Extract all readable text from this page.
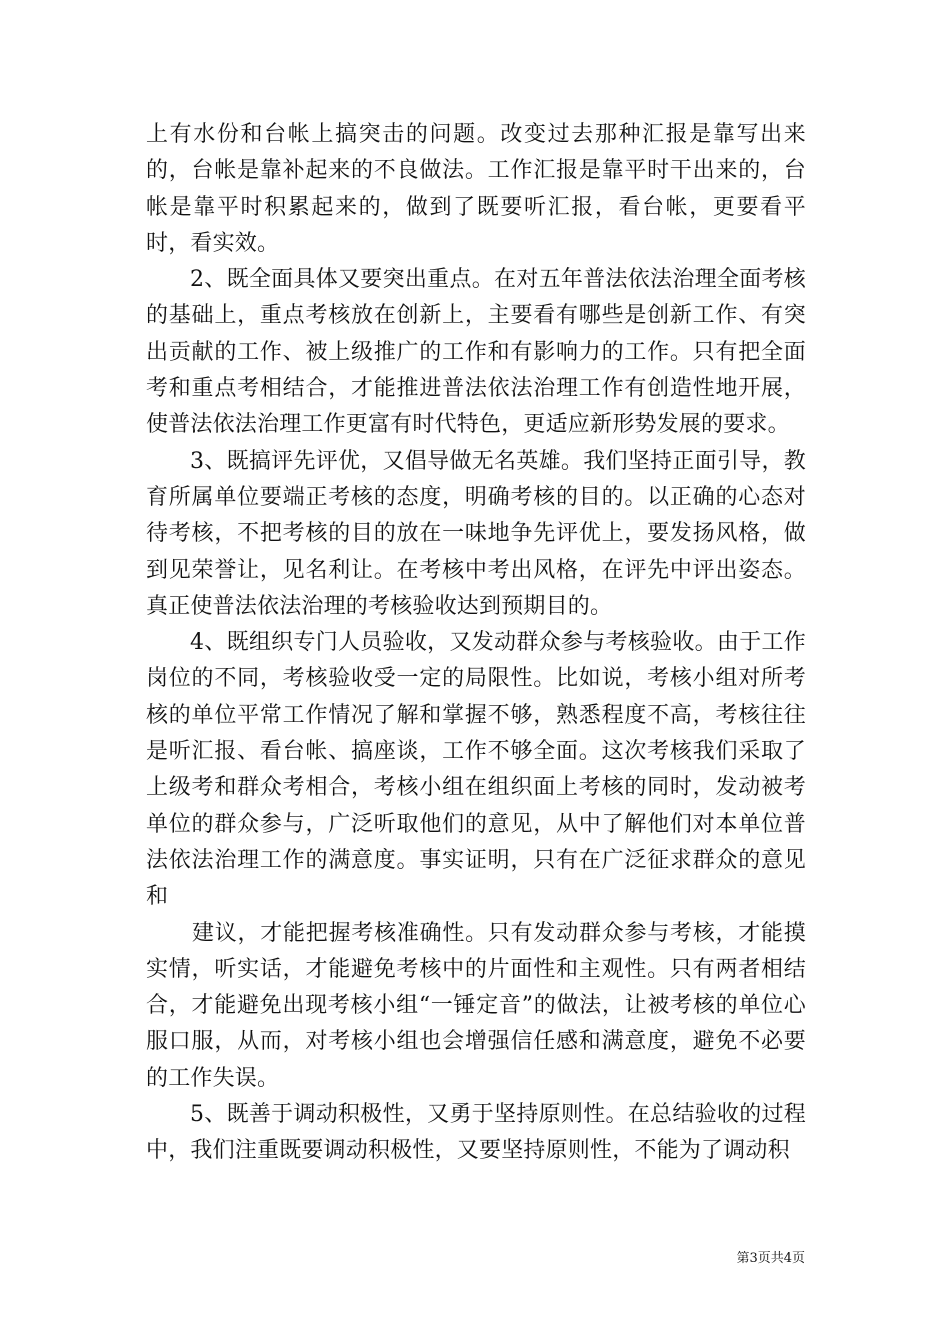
上有水份和台帐上搞突击的问题。改变过去那种汇报是靠写出来的，台帐是靠补起来的不良做法。工作汇报是靠平时干出来的，台帐是靠平时积累起来的，做到了既要听汇报，看台帐，更要看平时，看实效。

2、既全面具体又要突出重点。在对五年普法依法治理全面考核的基础上，重点考核放在创新上，主要看有哪些是创新工作、有突出贡献的工作、被上级推广的工作和有影响力的工作。只有把全面考和重点考相结合，才能推进普法依法治理工作有创造性地开展，使普法依法治理工作更富有时代特色，更适应新形势发展的要求。

3、既搞评先评优，又倡导做无名英雄。我们坚持正面引导，教育所属单位要端正考核的态度，明确考核的目的。以正确的心态对待考核，不把考核的目的放在一味地争先评优上，要发扬风格，做到见荣誉让，见名利让。在考核中考出风格，在评先中评出姿态。真正使普法依法治理的考核验收达到预期目的。

4、既组织专门人员验收，又发动群众参与考核验收。由于工作岗位的不同，考核验收受一定的局限性。比如说，考核小组对所考核的单位平常工作情况了解和掌握不够，熟悉程度不高，考核往往是听汇报、看台帐、搞座谈，工作不够全面。这次考核我们采取了上级考和群众考相合，考核小组在组织面上考核的同时，发动被考单位的群众参与，广泛听取他们的意见，从中了解他们对本单位普法依法治理工作的满意度。事实证明，只有在广泛征求群众的意见和

建议，才能把握考核准确性。只有发动群众参与考核，才能摸实情，听实话，才能避免考核中的片面性和主观性。只有两者相结合，才能避免出现考核小组“一锤定音”的做法，让被考核的单位心服口服，从而，对考核小组也会增强信任感和满意度，避免不必要的工作失误。

5、既善于调动积极性，又勇于坚持原则性。在总结验收的过程中，我们注重既要调动积极性，又要坚持原则性，不能为了调动积

第3页共4页
